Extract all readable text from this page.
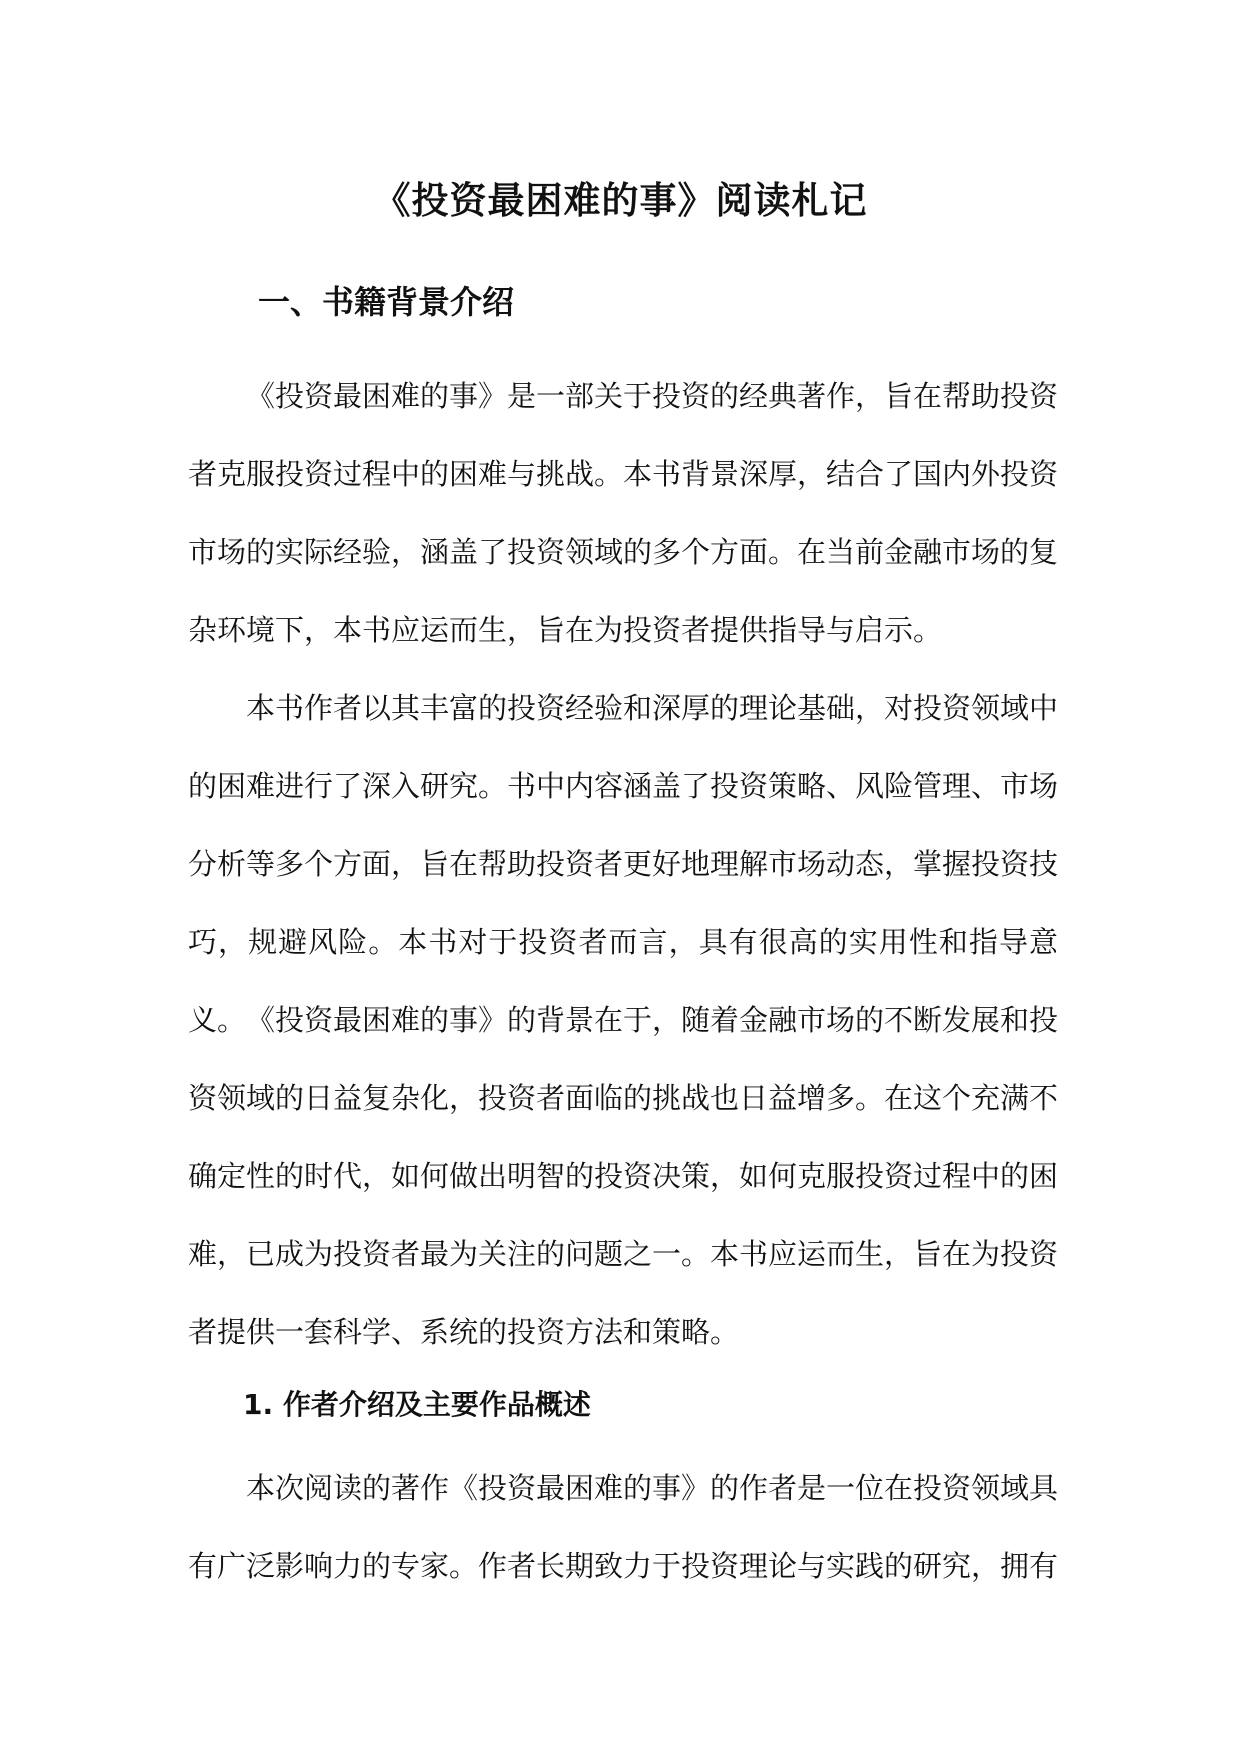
《投资最困难的事》阅读札记
一、书籍背景介绍

《投资最困难的事》是一部关于投资的经典著作，旨在帮助投资者克服投资过程中的困难与挑战。本书背景深厚，结合了国内外投资市场的实际经验，涵盖了投资领域的多个方面。在当前金融市场的复杂环境下，本书应运而生，旨在为投资者提供指导与启示。

本书作者以其丰富的投资经验和深厚的理论基础，对投资领域中的困难进行了深入研究。书中内容涵盖了投资策略、风险管理、市场分析等多个方面，旨在帮助投资者更好地理解市场动态，掌握投资技巧，规避风险。本书对于投资者而言，具有很高的实用性和指导意义。 《投资最困难的事》的背景在于，随着金融市场的不断发展和投资领域的日益复杂化，投资者面临的挑战也日益增多。在这个充满不确定性的时代，如何做出明智的投资决策，如何克服投资过程中的困难，已成为投资者最为关注的问题之一。本书应运而生，旨在为投资者提供一套科学、系统的投资方法和策略。

1. 作者介绍及主要作品概述

本次阅读的著作《投资最困难的事》的作者是一位在投资领域具有广泛影响力的专家。作者长期致力于投资理论与实践的研究，拥有
